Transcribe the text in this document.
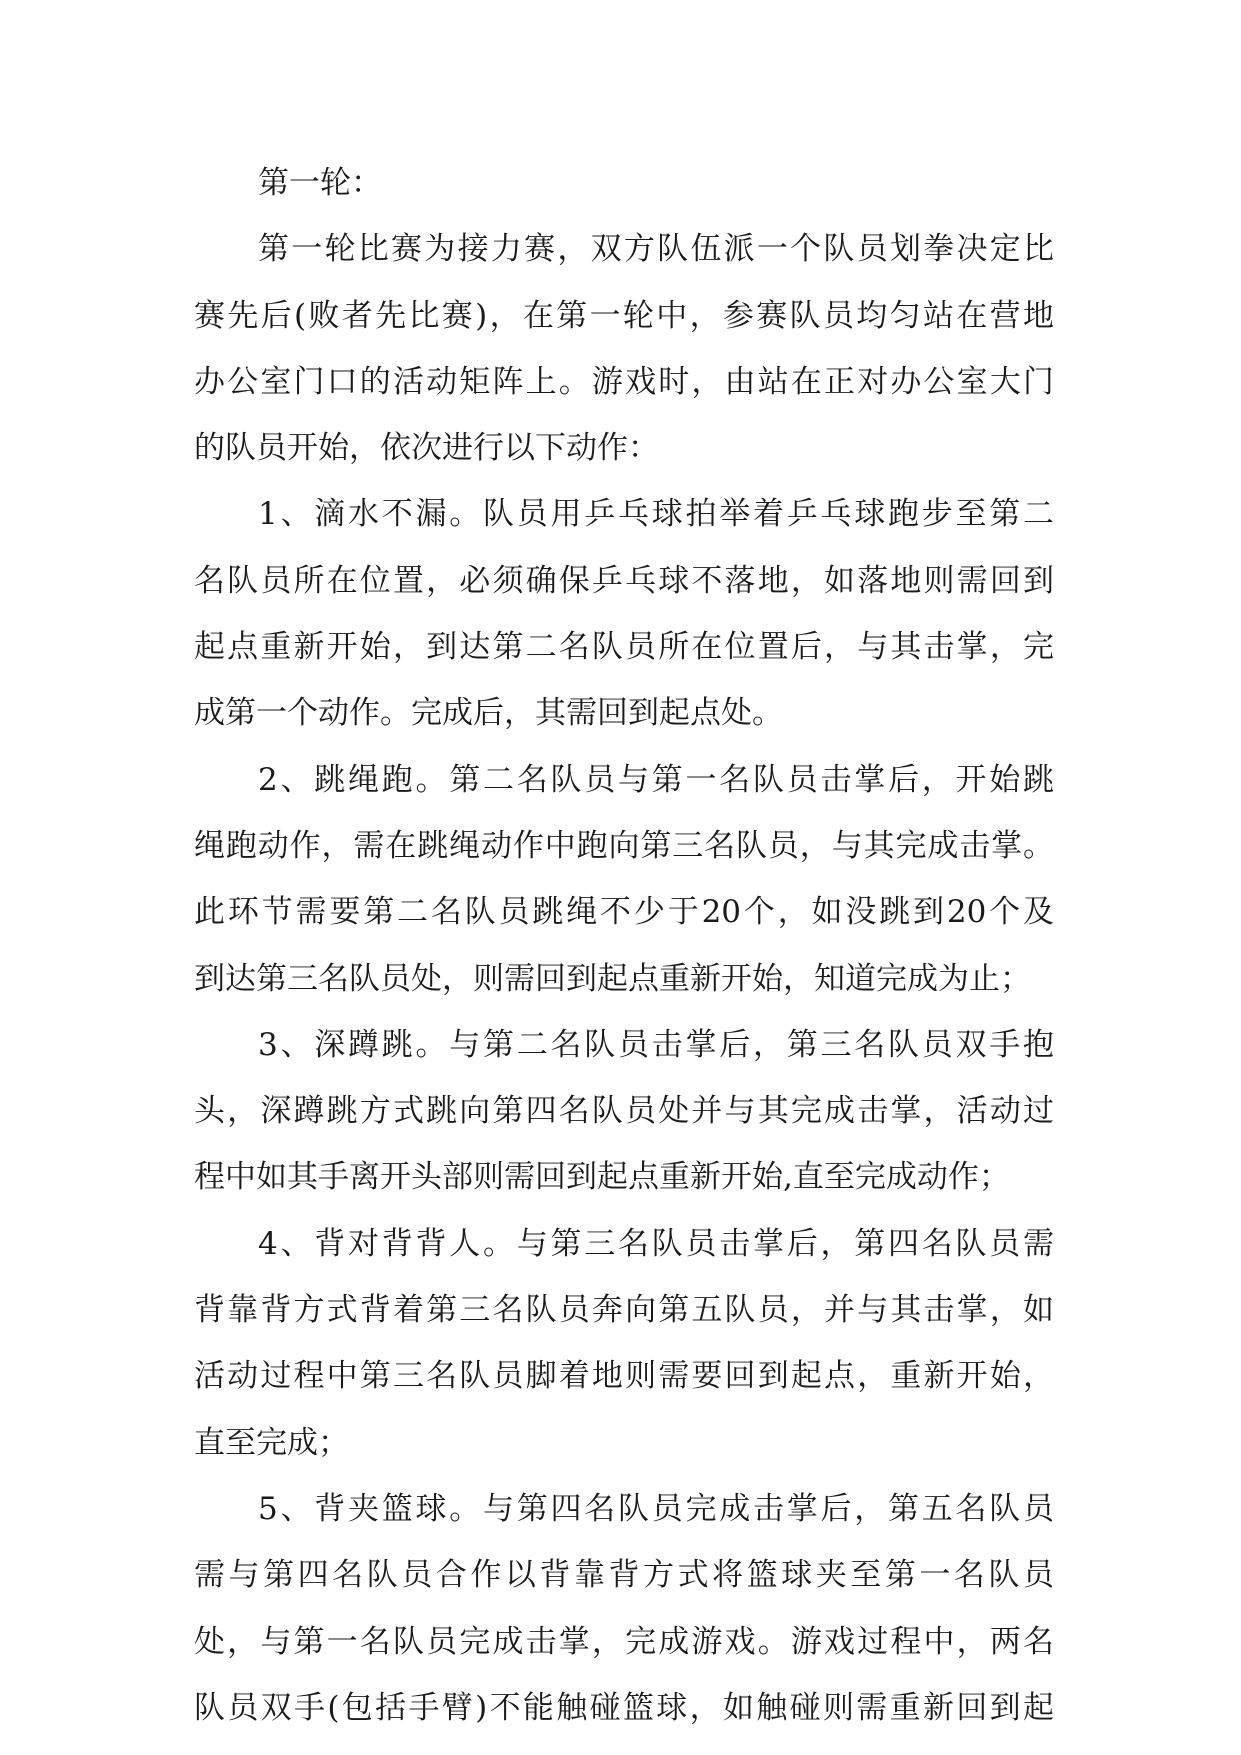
第一轮：
第一轮比赛为接力赛，双方队伍派一个队员划拳决定比
赛先后(败者先比赛)，在第一轮中，参赛队员均匀站在营地
办公室门口的活动矩阵上。游戏时，由站在正对办公室大门
的队员开始，依次进行以下动作：
1、滴水不漏。队员用乒乓球拍举着乒乓球跑步至第二
名队员所在位置，必须确保乒乓球不落地，如落地则需回到
起点重新开始，到达第二名队员所在位置后，与其击掌，完
成第一个动作。完成后，其需回到起点处。
2、跳绳跑。第二名队员与第一名队员击掌后，开始跳
绳跑动作，需在跳绳动作中跑向第三名队员，与其完成击掌。
此环节需要第二名队员跳绳不少于20个，如没跳到20个及
到达第三名队员处，则需回到起点重新开始，知道完成为止；
3、深蹲跳。与第二名队员击掌后，第三名队员双手抱
头，深蹲跳方式跳向第四名队员处并与其完成击掌，活动过
程中如其手离开头部则需回到起点重新开始,直至完成动作；
4、背对背背人。与第三名队员击掌后，第四名队员需
背靠背方式背着第三名队员奔向第五队员，并与其击掌，如
活动过程中第三名队员脚着地则需要回到起点，重新开始，
直至完成；
5、背夹篮球。与第四名队员完成击掌后，第五名队员
需与第四名队员合作以背靠背方式将篮球夹至第一名队员
处，与第一名队员完成击掌，完成游戏。游戏过程中，两名
队员双手(包括手臂)不能触碰篮球，如触碰则需重新回到起
